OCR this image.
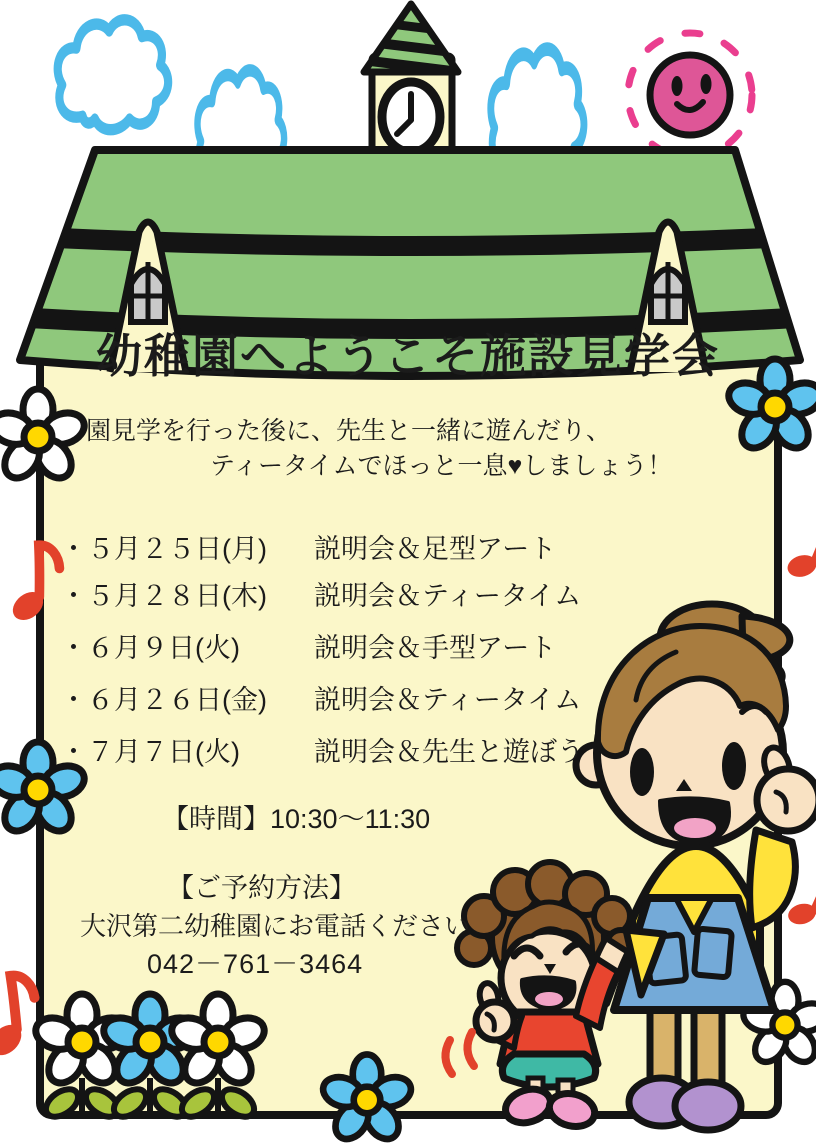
幼稚園へようこそ施設見学会
園見学を行った後に、先生と一緒に遊んだり、
ティータイムでほっと一息♥しましょう！
・５月２５日(月) 説明会＆足型アート
・５月２８日(木) 説明会＆ティータイム
・６月９日(火)	説明会＆手型アート
・６月２６日(金) 説明会＆ティータイム
・７月７日(火)	説明会＆先生と遊ぼう
【時間】10:30～11:30
【ご予約方法】
大沢第二幼稚園にお電話ください
042－761－3464
